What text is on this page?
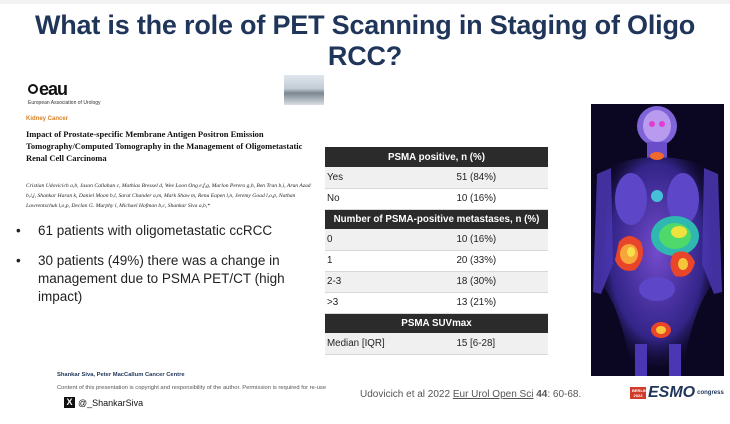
What is the role of PET Scanning in Staging of Oligo RCC?
eau
European Association of Urology
Kidney Cancer
Impact of Prostate-specific Membrane Antigen Positron Emission Tomography/Computed Tomography in the Management of Oligometastatic Renal Cell Carcinoma
Cristian Udovicich a,b, Jason Callahan c, Mathias Bressel d, Wee Loon Ong e,f,g, Marlon Perera g,h, Ben Tran b,i, Arun Azad b,i,j, Shankar Haran k, Daniel Moon b,l, Sarat Chander a,m, Mark Shaw m, Renu Eapen l,n, Jeremy Goad l,o,p, Nathan Lawrentschuk l,o,p, Declan G. Murphy l, Michael Hofman b,c, Shankar Siva a,b,*
• 61 patients with oligometastatic ccRCC
• 30 patients (49%) there was a change in management due to PSMA PET/CT (high impact)
PSMA positive, n (%)	
Yes	51 (84%)
No	10 (16%)
Number of PSMA-positive metastases, n (%)	
0	10 (16%)
1	20 (33%)
2-3	18 (30%)
>3	13 (21%)
PSMA SUVmax	
Median [IQR]	15 [6-28]
Shankar Siva, Peter MacCallum Cancer Centre
Content of this presentation is copyright and responsibility of the author. Permission is required for re-use
X @_ShankarSiva
Udovicich et al 2022 Eur Urol Open Sci 44: 60-68.	BERLIN 2023 ESMO congress
